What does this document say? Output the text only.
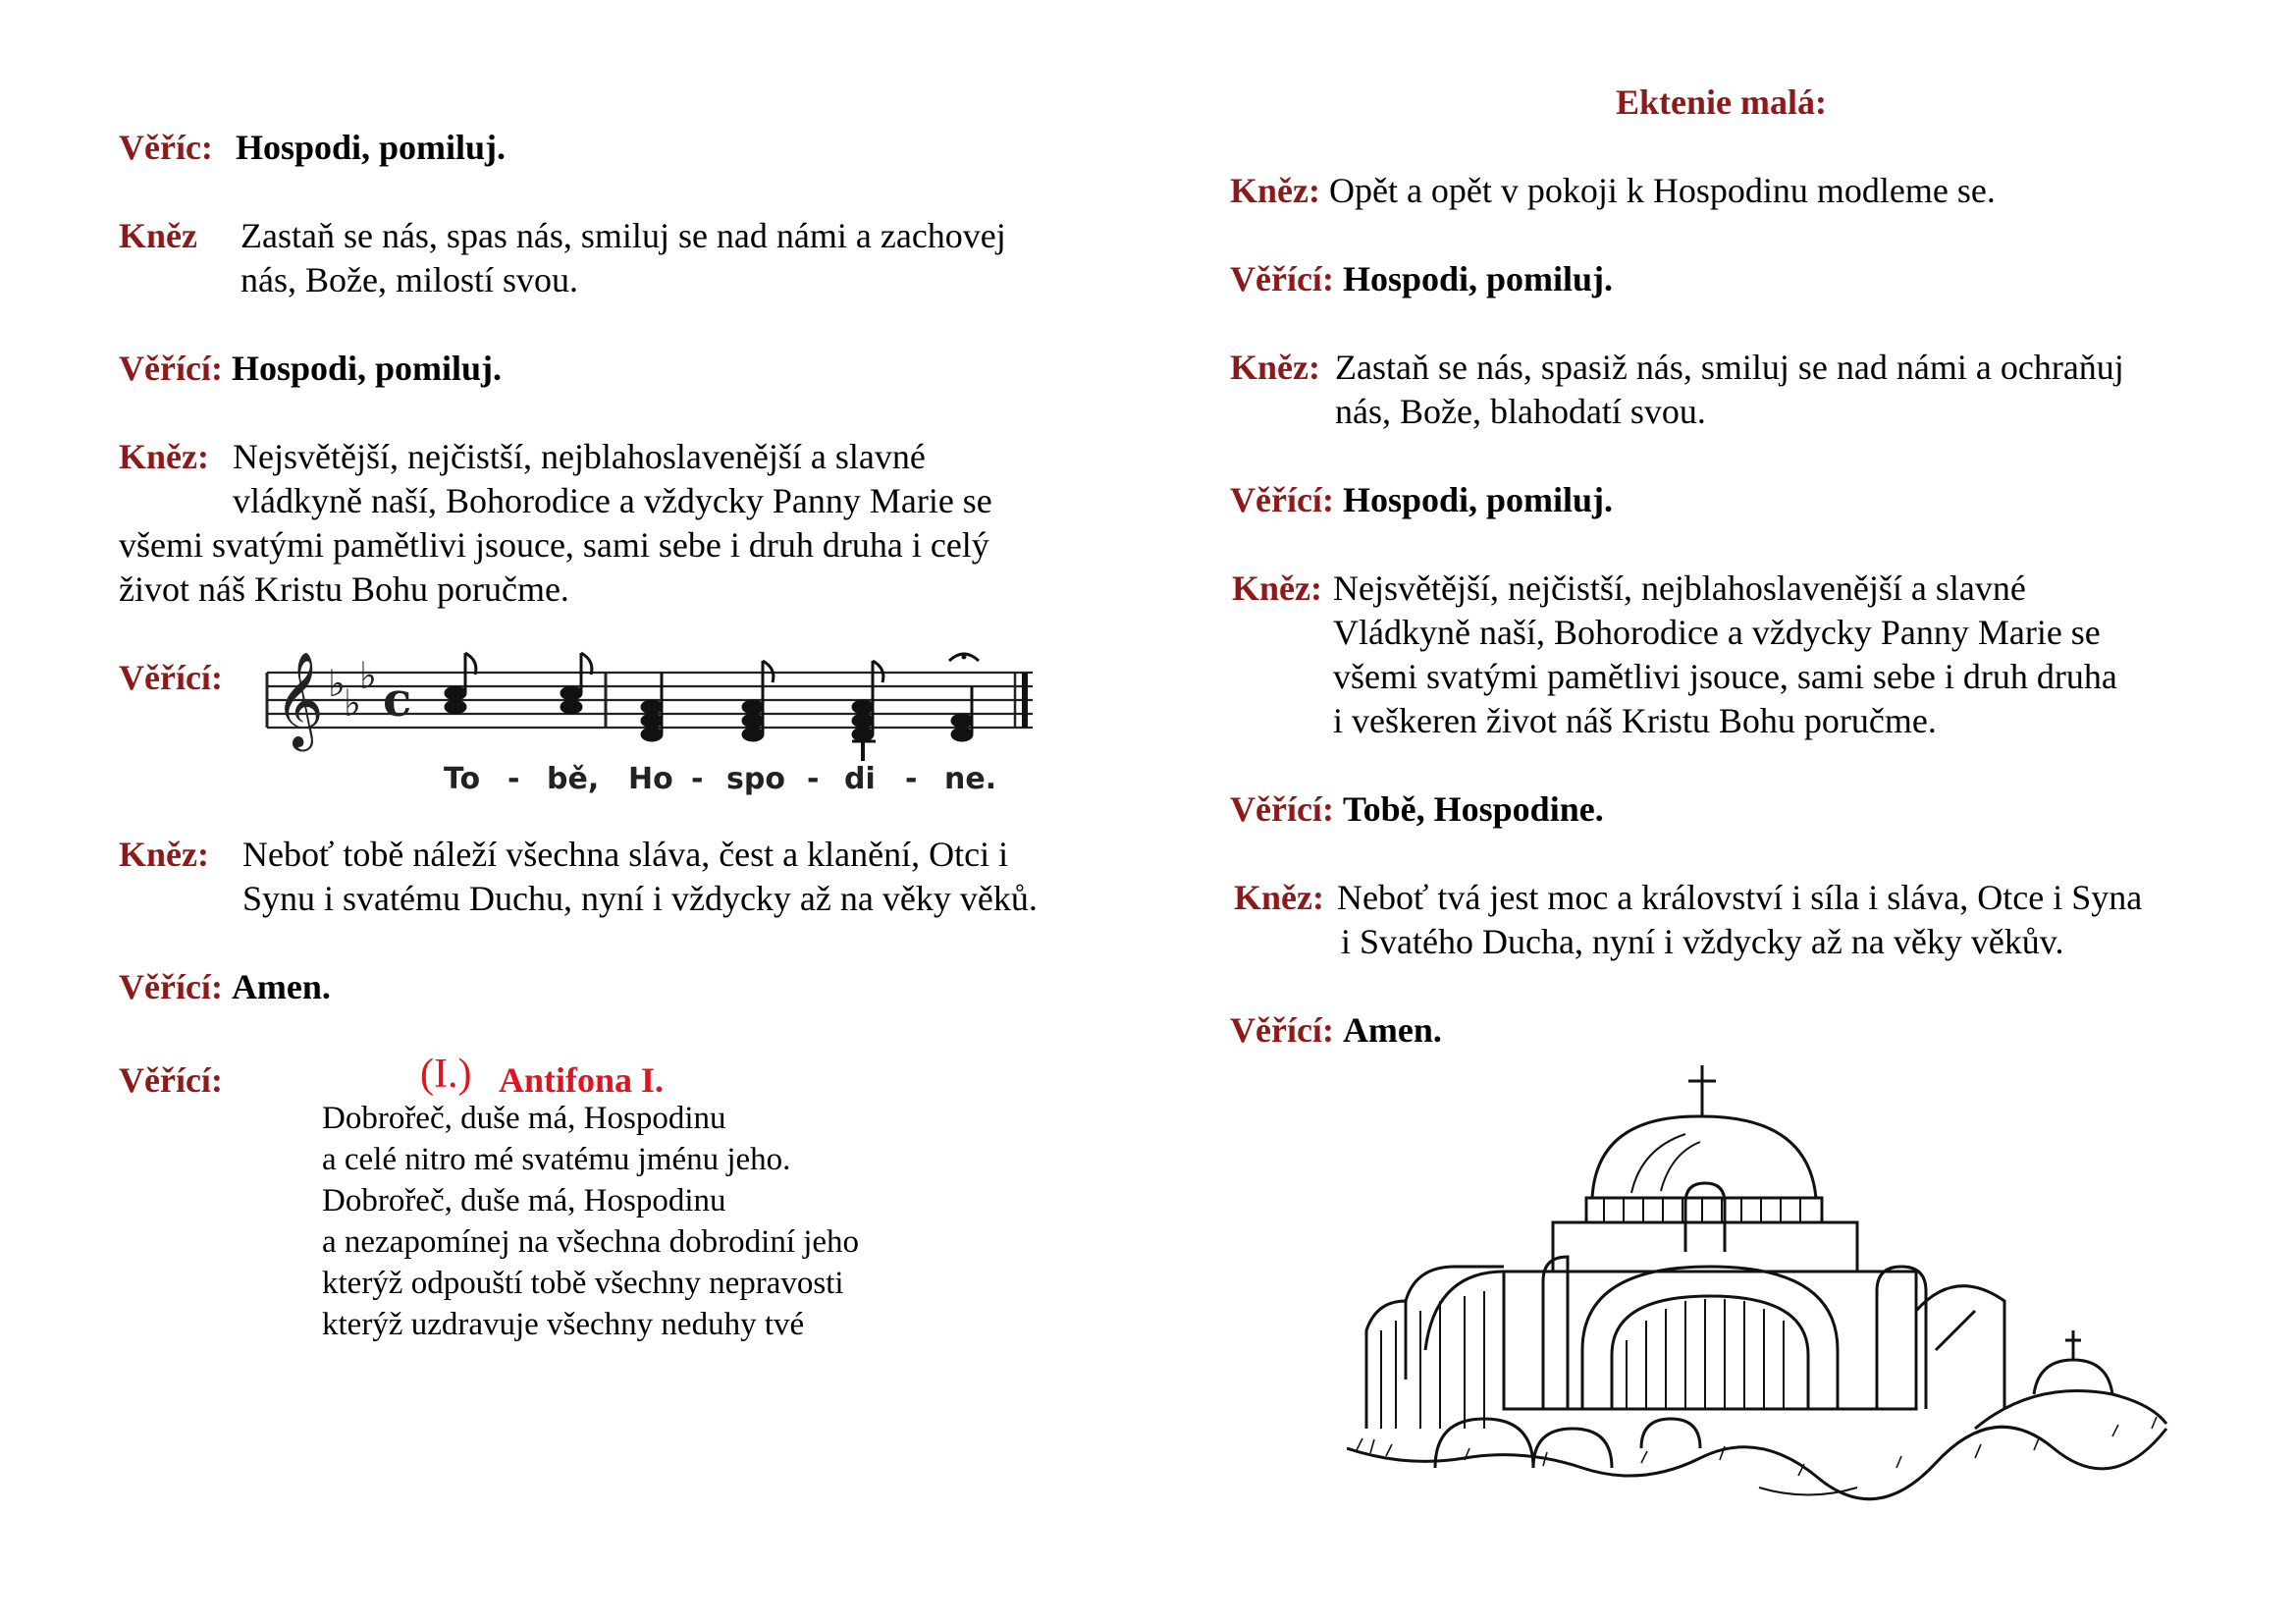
Věříc: Hospodi, pomiluj.
Kněz Zastaň se nás, spas nás, smiluj se nad námi a zachovej
nás, Bože, milostí svou.
Věřící: Hospodi, pomiluj.
Kněz: Nejsvětější, nejčistší, nejblahoslavenější a slavné
vládkyně naší, Bohorodice a vždycky Panny Marie se
všemi svatými pamětlivi jsouce, sami sebe i druh druha i celý
život náš Kristu Bohu poručme.
Věřící: 𝄞 ♭
♭
♭ c
To - bě, Ho - spo - di - ne.
Kněz: Neboť tobě náleží všechna sláva, čest a klanění, Otci i
Synu i svatému Duchu, nyní i vždycky až na věky věků.
Věřící: Amen.
Věřící:	(I.) Antifona I.
Dobrořeč, duše má, Hospodinu
a celé nitro mé svatému jménu jeho.
Dobrořeč, duše má, Hospodinu
a nezapomínej na všechna dobrodiní jeho
kterýž odpouští tobě všechny nepravosti
kterýž uzdravuje všechny neduhy tvé
Ektenie malá:
Kněz: Opět a opět v pokoji k Hospodinu modleme se.
Věřící: Hospodi, pomiluj.
Kněz: Zastaň se nás, spasiž nás, smiluj se nad námi a ochraňuj
nás, Bože, blahodatí svou.
Věřící: Hospodi, pomiluj.
Kněz: Nejsvětější, nejčistší, nejblahoslavenější a slavné
Vládkyně naší, Bohorodice a vždycky Panny Marie se
všemi svatými pamětlivi jsouce, sami sebe i druh druha
i veškeren život náš Kristu Bohu poručme.
Věřící: Tobě, Hospodine.
Kněz: Neboť tvá jest moc a království i síla i sláva, Otce i Syna
i Svatého Ducha, nyní i vždycky až na věky věkův.
Věřící: Amen.
